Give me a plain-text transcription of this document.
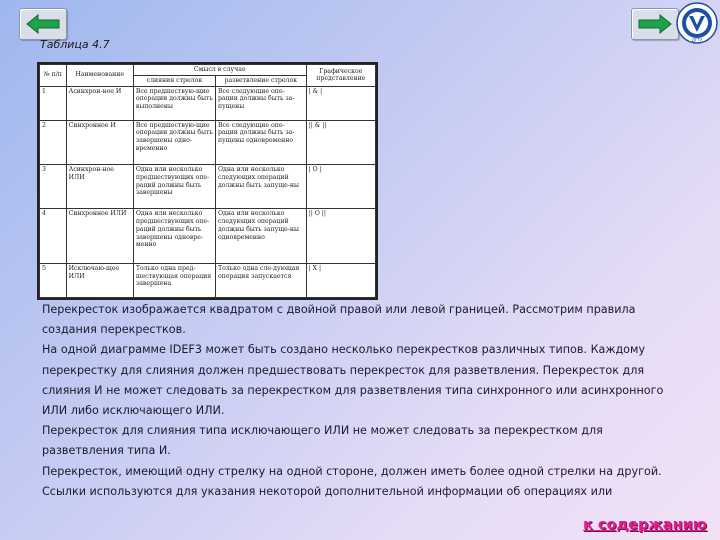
ДГТУ
Таблица 4.7
№ п/п	Наименование	Смысл в случае		Графическое представление
		слияния стрелок	разветвление стрелок	
1	Асинхрон-ное И	Все предшествую-щие операции должны быть выполнены	Все следующие опе-рации должны быть за-пущены	| & |
2	Синхронное И	Все предшествую-щие операции должны быть завершены одно-временно	Все следующие опе-рации должны быть за-пущены одновременно	|| & ||
3	Асинхрон-ное ИЛИ	Одна или несколько предшествующих опе-раций должны быть завершены	Одна или несколько следующих операций должны быть запуще-ны	| O |
4	Синхронное ИЛИ	Одна или несколько предшествующих опе-раций должны быть завершены одновре-менно	Одна или несколько следующих операций должны быть запуще-ны одновременно	|| O ||
5	Исключаю-щее ИЛИ	Только одна пред-шествующая операция завершена	Только одна сле-дующая операция запускается	| X |

Перекресток изображается квадратом с двойной правой или левой границей. Рассмотрим правила создания перекрестков.

На одной диаграмме IDEF3 может быть создано несколько перекрестков различных типов. Каждому перекрестку для слияния должен предшествовать перекресток для разветвления. Перекресток для слияния И не может следовать за перекрестком для разветвления типа синхронного или асинхронного ИЛИ либо исключающего ИЛИ.

Перекресток для слияния типа исключающего ИЛИ не может следовать за перекрестком для разветвления типа И.

Перекресток, имеющий одну стрелку на одной стороне, должен иметь более одной стрелки на другой.

Ссылки используются для указания некоторой дополнительной информации об операциях или

к содержанию
